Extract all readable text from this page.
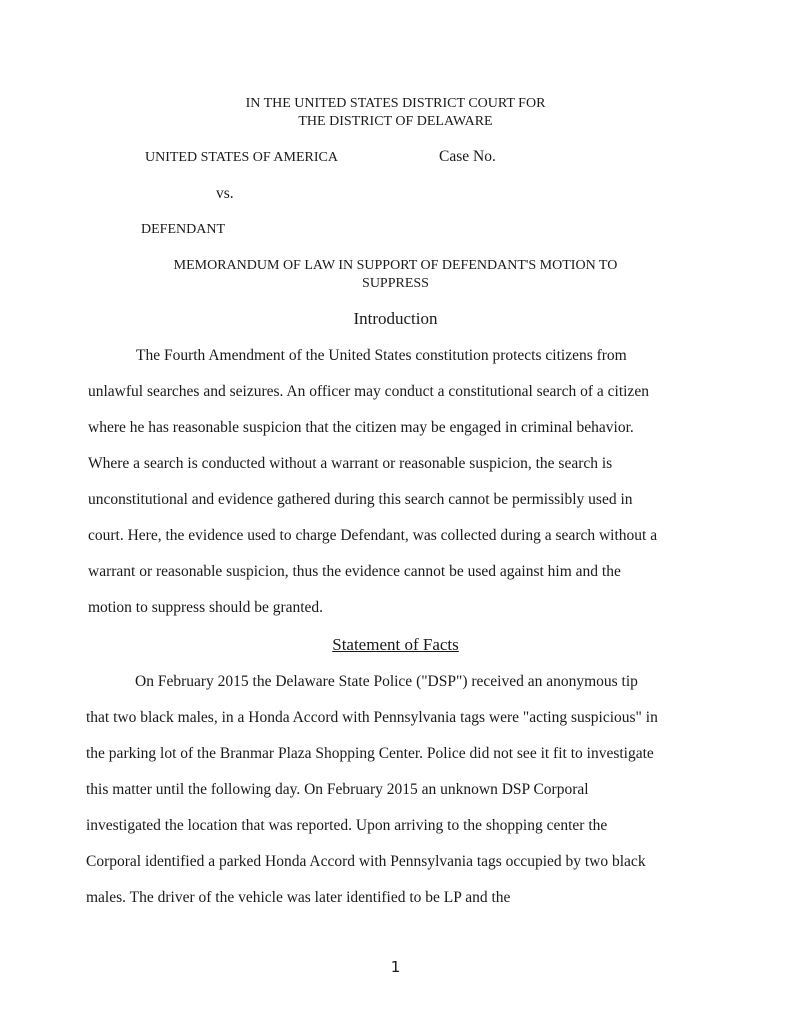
IN THE UNITED STATES DISTRICT COURT FOR
THE DISTRICT OF DELAWARE
UNITED STATES OF AMERICA	Case No.
vs.
DEFENDANT
MEMORANDUM OF LAW IN SUPPORT OF DEFENDANT'S MOTION TO
SUPPRESS
Introduction
The Fourth Amendment of the United States constitution protects citizens from
unlawful searches and seizures. An officer may conduct a constitutional search of a citizen
where he has reasonable suspicion that the citizen may be engaged in criminal behavior.
Where a search is conducted without a warrant or reasonable suspicion, the search is
unconstitutional and evidence gathered during this search cannot be permissibly used in
court. Here, the evidence used to charge Defendant, was collected during a search without a
warrant or reasonable suspicion, thus the evidence cannot be used against him and the
motion to suppress should be granted.
Statement of Facts
On February 2015 the Delaware State Police ("DSP") received an anonymous tip
that two black males, in a Honda Accord with Pennsylvania tags were "acting suspicious" in
the parking lot of the Branmar Plaza Shopping Center. Police did not see it fit to investigate
this matter until the following day. On February 2015 an unknown DSP Corporal
investigated the location that was reported. Upon arriving to the shopping center the
Corporal identified a parked Honda Accord with Pennsylvania tags occupied by two black
males. The driver of the vehicle was later identified to be LP and the
1
